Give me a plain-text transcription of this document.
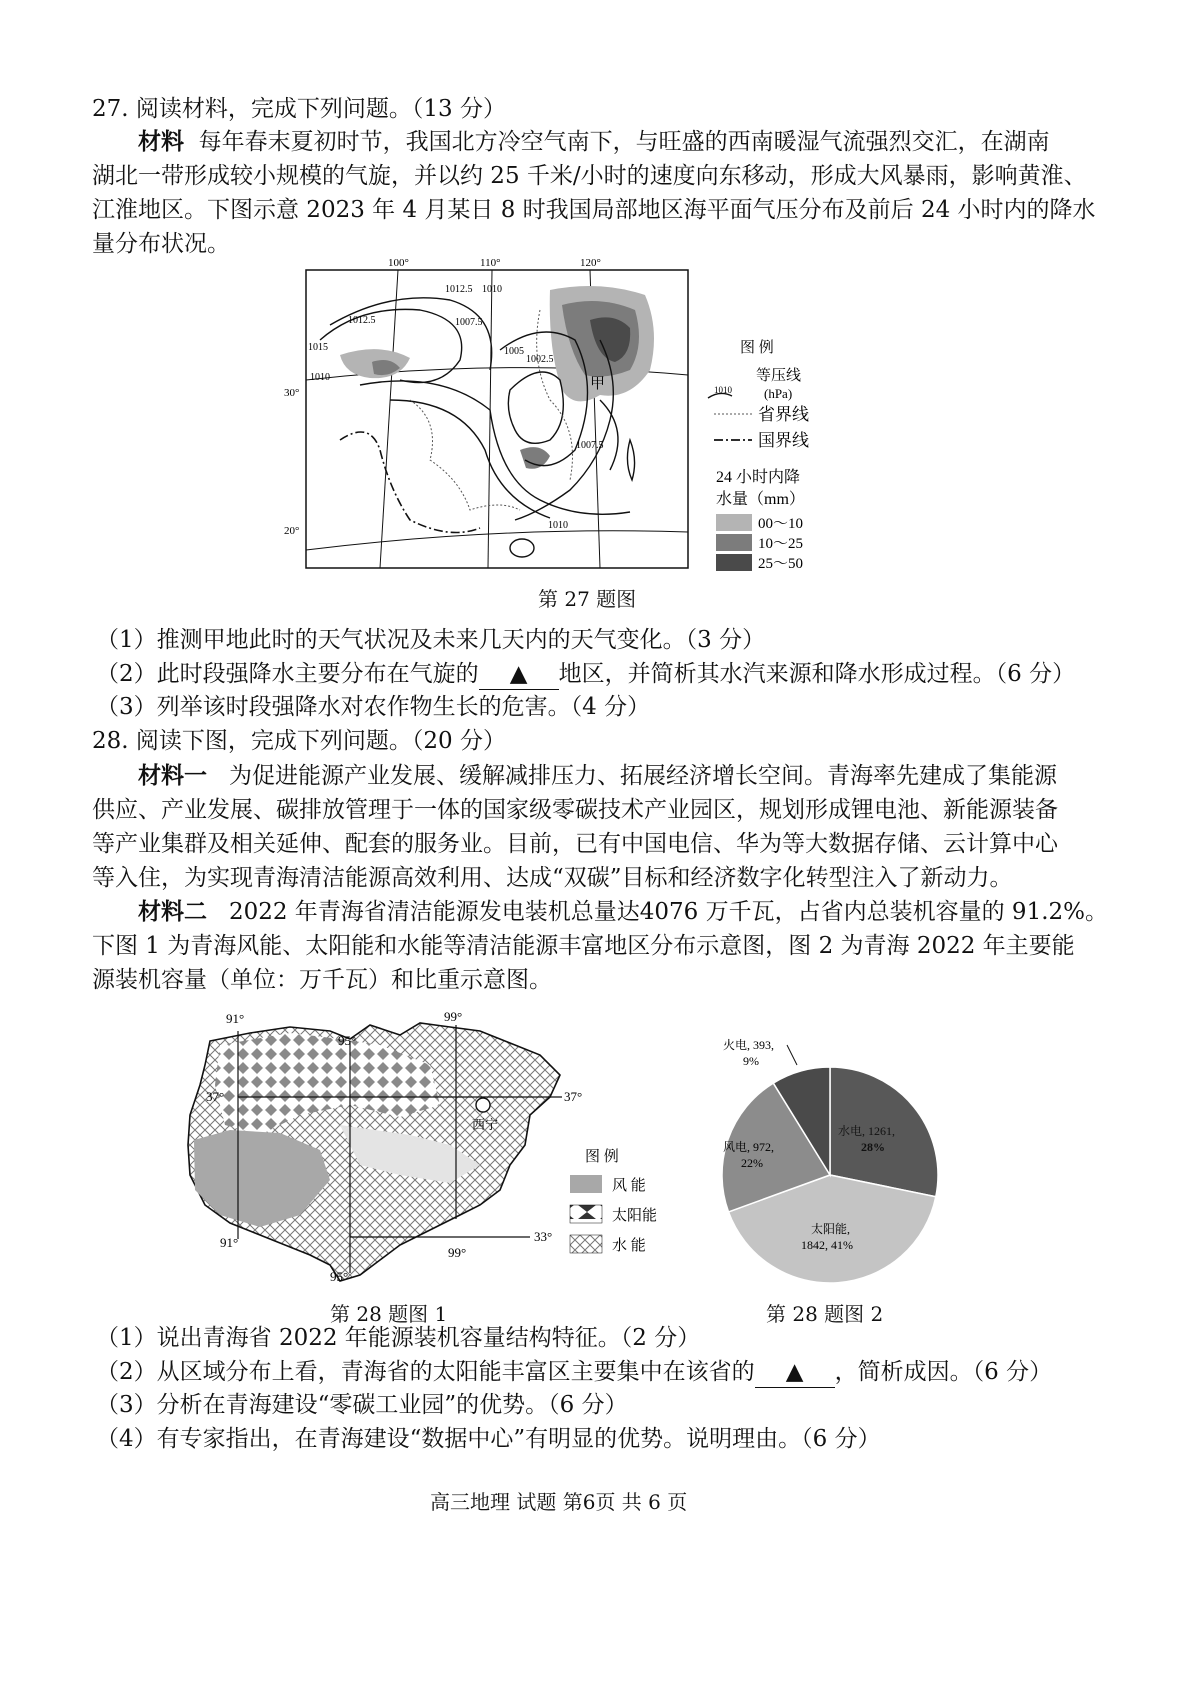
27. 阅读材料，完成下列问题。（13 分）
材料 每年春末夏初时节，我国北方冷空气南下，与旺盛的西南暖湿气流强烈交汇，在湖南
湖北一带形成较小规模的气旋，并以约 25 千米/小时的速度向东移动，形成大风暴雨，影响黄淮、
江淮地区。下图示意 2023 年 4 月某日 8 时我国局部地区海平面气压分布及前后 24 小时内的降水
量分布状况。
100°	110°	120°
30°
20°
1012.5 1010
1012.5	1007.5
1015
1010
1005
1002.5
1007.5
1010
甲
图 例
1010
等压线
(hPa)
省界线
国界线
24 小时内降
水量（mm）
00～10
10～25
25～50
第 27 题图
（1）推测甲地此时的天气状况及未来几天内的天气变化。（3 分）
（2）此时段强降水主要分布在气旋的 ▲ 地区，并简析其水汽来源和降水形成过程。（6 分）
（3）列举该时段强降水对农作物生长的危害。（4 分）
28. 阅读下图，完成下列问题。（20 分）
材料一 为促进能源产业发展、缓解减排压力、拓展经济增长空间。青海率先建成了集能源
供应、产业发展、碳排放管理于一体的国家级零碳技术产业园区，规划形成锂电池、新能源装备
等产业集群及相关延伸、配套的服务业。目前，已有中国电信、华为等大数据存储、云计算中心
等入住，为实现青海清洁能源高效利用、达成“双碳”目标和经济数字化转型注入了新动力。
材料二 2022 年青海省清洁能源发电装机总量达4076 万千瓦，占省内总装机容量的 91.2%。
下图 1 为青海风能、太阳能和水能等清洁能源丰富地区分布示意图，图 2 为青海 2022 年主要能
源装机容量（单位：万千瓦）和比重示意图。
西宁
91°
95°
99°
37°	37°
33°
91°
95°
99°
图 例
风 能
太阳能
水 能
第 28 题图 1
火电, 393,
9%
水电, 1261,
28%
风电, 972,
22%
太阳能,
1842, 41%
第 28 题图 2
（1）说出青海省 2022 年能源装机容量结构特征。（2 分）
（2）从区域分布上看，青海省的太阳能丰富区主要集中在该省的 ▲ ，简析成因。（6 分）
（3）分析在青海建设“零碳工业园”的优势。（6 分）
（4）有专家指出，在青海建设“数据中心”有明显的优势。说明理由。（6 分）
高三地理 试题 第6页 共 6 页
